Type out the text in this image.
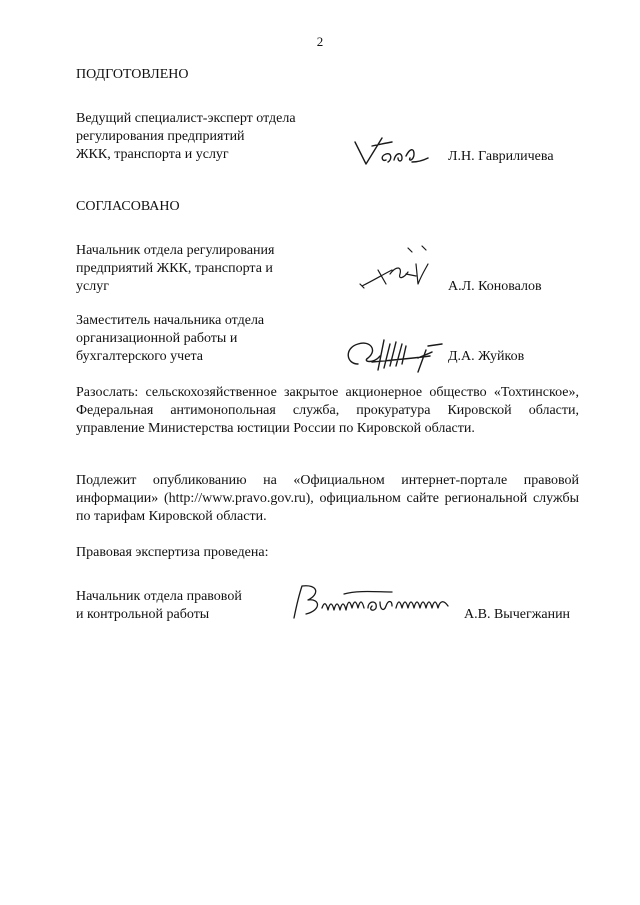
2
ПОДГОТОВЛЕНО
Ведущий специалист-эксперт отдела
регулирования предприятий
ЖКК, транспорта и услуг	Л.Н. Гавриличева
СОГЛАСОВАНО
Начальник отдела регулирования
предприятий ЖКК, транспорта и
услуг	А.Л. Коновалов
Заместитель начальника отдела
организационной работы и
бухгалтерского учета	Д.А. Жуйков
Разослать: сельскохозяйственное закрытое акционерное общество «Тохтинское», Федеральная антимонопольная служба, прокуратура Кировской области, управление Министерства юстиции России по Кировской области.
Подлежит опубликованию на «Официальном интернет-портале правовой информации» (http://www.pravo.gov.ru), официальном сайте региональной службы по тарифам Кировской области.
Правовая экспертиза проведена:
Начальник отдела правовой
и контрольной работы	А.В. Вычегжанин
